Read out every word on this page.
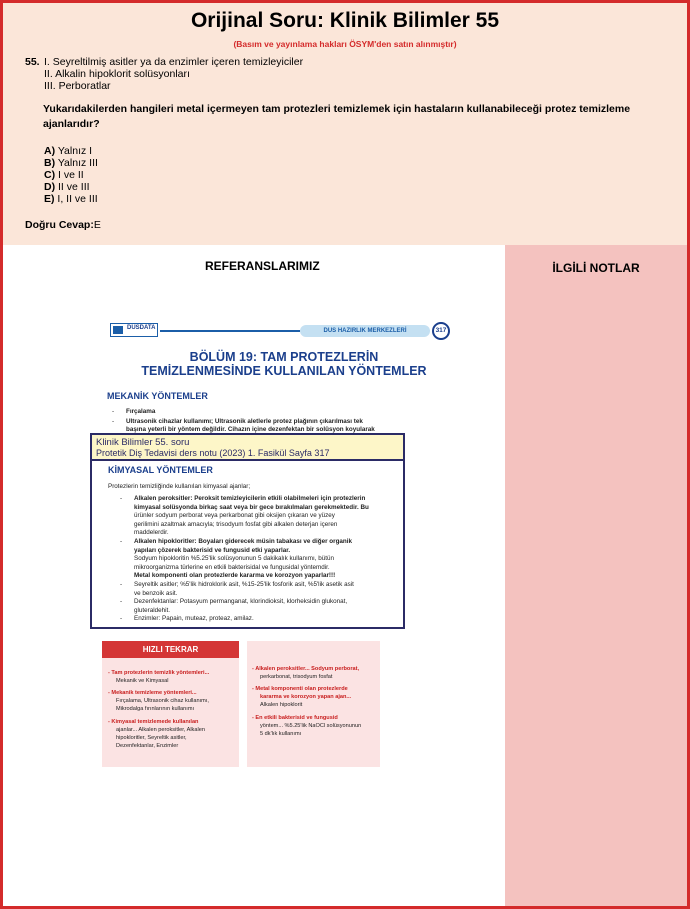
Orijinal Soru: Klinik Bilimler 55
(Basım ve yayınlama hakları ÖSYM'den satın alınmıştır)
55. I. Seyreltilmiş asitler ya da enzimler içeren temizleyiciler
II. Alkalin hipoklorit solüsyonları
III. Perboratlar
Yukarıdakilerden hangileri metal içermeyen tam protezleri temizlemek için hastaların kullanabileceği protez temizleme ajanlarıdır?
A) Yalnız I
B) Yalnız III
C) I ve II
D) II ve III
E) I, II ve III
Doğru Cevap:E
REFERANSLARIMIZ	İLGİLİ NOTLAR
DUSDATA	DUS HAZIRLIK MERKEZLERİ	317
BÖLÜM 19: TAM PROTEZLERİN
TEMİZLENMESİNDE KULLANILAN YÖNTEMLER
MEKANİK YÖNTEMLER
- Fırçalama
- Ultrasonik cihazlar kullanımı; Ultrasonik aletlerle protez plağının çıkarılması tek
başına yeterli bir yöntem değildir. Cihazın içine dezenfektan bir solüsyon koyularak
Klinik Bilimler 55. soru
Protetik Diş Tedavisi ders notu (2023) 1. Fasikül Sayfa 317
KİMYASAL YÖNTEMLER
Protezlerin temizliğinde kullanılan kimyasal ajanlar;
- Alkalen peroksitler: Peroksit temizleyicilerin etkili olabilmeleri için protezlerin
kimyasal solüsyonda birkaç saat veya bir gece bırakılmaları gerekmektedir. Bu
ürünler sodyum perborat veya perkarbonat gibi oksijen çıkaran ve yüzey
gerilimini azaltmak amacıyla; trisodyum fosfat gibi alkalen deterjan içeren
maddelerdir.
- Alkalen hipokloritler: Boyaları giderecek müsin tabakası ve diğer organik
yapıları çözerek bakterisid ve fungusid etki yaparlar.
Sodyum hipokloritin %5.25'lik solüsyonunun 5 dakikalık kullanımı, bütün
mikroorganizma türlerine en etkili bakterisidal ve fungusidal yöntemdir.
Metal komponenti olan protezlerde kararma ve korozyon yaparlar!!!
- Seyreltik asitler; %5'lik hidroklorik asit, %15-25'lik fosforik asit, %5'lik asetik asit
ve benzoik asit.
- Dezenfektanlar: Potasyum permanganat, klorindioksit, klorheksidin glukonat,
gluteraldehit.
- Enzimler: Papain, muteaz, proteaz, amilaz.
HIZLI TEKRAR
- Tam protezlerin temizlik yöntemleri...
Mekanik ve Kimyasal
- Mekanik temizleme yöntemleri...
Fırçalama, Ultrasonik cihaz kullanımı,
Mikrodalga fırınlarının kullanımı
- Kimyasal temizlemede kullanılan
ajanlar... Alkalen peroksitler, Alkalen
hipokloritler, Seyreltik asitler,
Dezenfektanlar, Enzimler
- Alkalen peroksitler... Sodyum perborat,
perkarbonat, trisodyum fosfat
- Metal komponenti olan protezlerde
kararma ve korozyon yapan ajan...
Alkalen hipoklorit
- En etkili bakterisid ve fungusid
yöntem... %5.25'lik NaOCl solüsyonunun
5 dk'lık kullanımı
